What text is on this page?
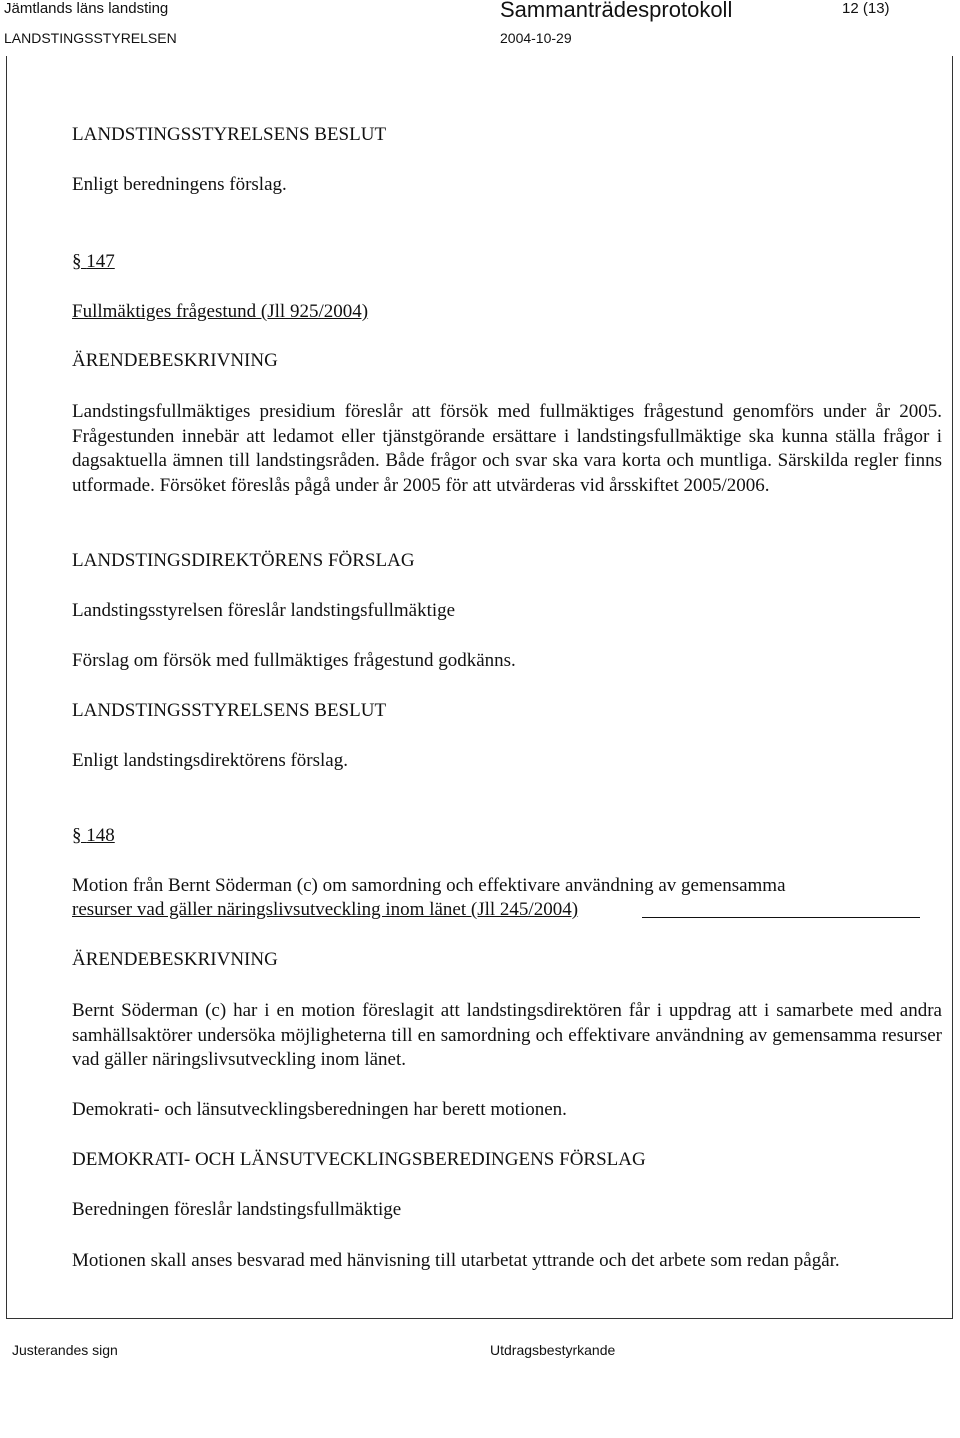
Jämtlands läns landsting	Sammanträdesprotokoll	12 (13)
LANDSTINGSSTYRELSEN	2004-10-29
LANDSTINGSSTYRELSENS BESLUT
Enligt beredningens förslag.
§ 147
Fullmäktiges frågestund (Jll 925/2004)
ÄRENDEBESKRIVNING

Landstingsfullmäktiges presidium föreslår att försök med fullmäktiges frågestund genomförs under år 2005. Frågestunden innebär att ledamot eller tjänstgörande ersättare i landstingsfullmäktige ska kunna ställa frågor i dagsaktuella ämnen till landstingsråden. Både frågor och svar ska vara korta och muntliga. Särskilda regler finns utformade. Försöket föreslås pågå under år 2005 för att utvärderas vid årsskiftet 2005/2006.

LANDSTINGSDIREKTÖRENS FÖRSLAG
Landstingsstyrelsen föreslår landstingsfullmäktige
Förslag om försök med fullmäktiges frågestund godkänns.
LANDSTINGSSTYRELSENS BESLUT
Enligt landstingsdirektörens förslag.
§ 148
Motion från Bernt Söderman (c) om samordning och effektivare användning av gemensamma
resurser vad gäller näringslivsutveckling inom länet (Jll 245/2004)
ÄRENDEBESKRIVNING

Bernt Söderman (c) har i en motion föreslagit att landstingsdirektören får i uppdrag att i samarbete med andra samhällsaktörer undersöka möjligheterna till en samordning och effektivare användning av gemensamma resurser vad gäller näringslivsutveckling inom länet.

Demokrati- och länsutvecklingsberedningen har berett motionen.
DEMOKRATI- OCH LÄNSUTVECKLINGSBEREDINGENS FÖRSLAG
Beredningen föreslår landstingsfullmäktige

Motionen skall anses besvarad med hänvisning till utarbetat yttrande och det arbete som redan pågår.

Justerandes sign	Utdragsbestyrkande
